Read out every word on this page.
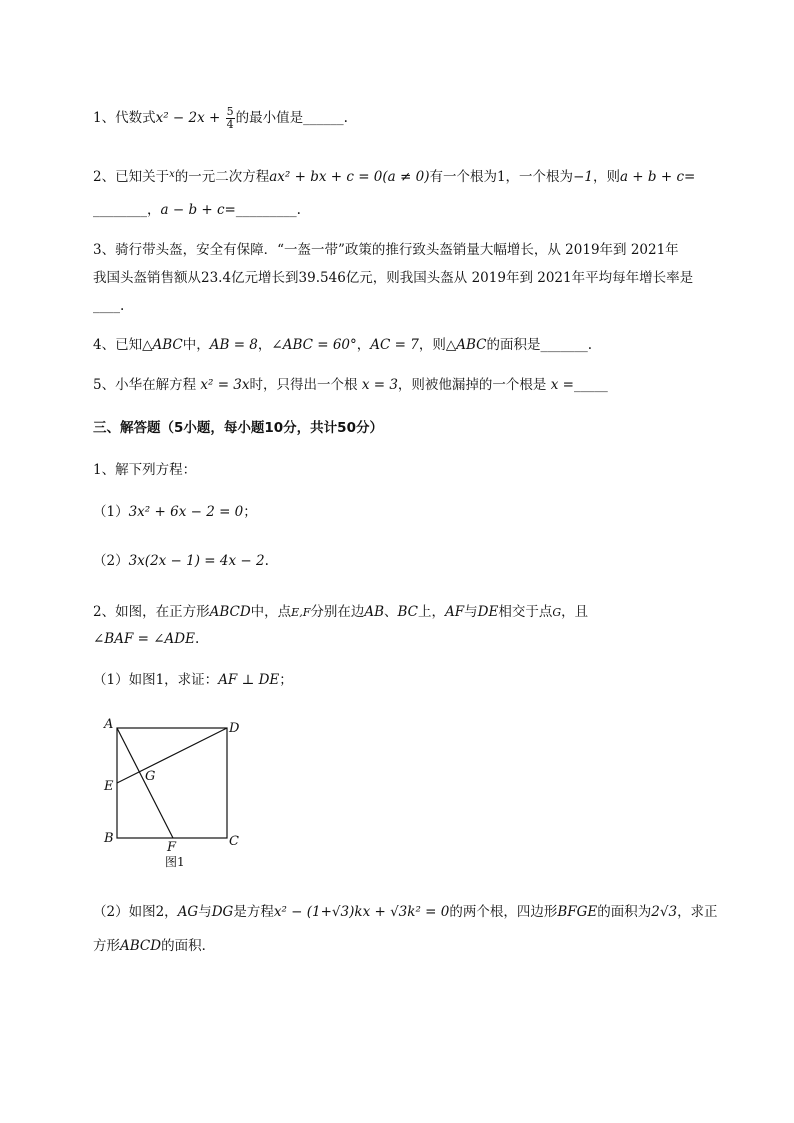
1、代数式$x^2 - 2x + \frac{5}{4}$ 的最小值是______.
2、已知关于$^x$的一元二次方程ax² + bx + c = 0(a ≠ 0)有一个根为1，一个根为−1，则a + b + c=
________，a − b + c=_________.
3、骑行带头盔，安全有保障．“一盔一带”政策的推行致头盔销量大幅增长，从 2019年到 2021年
我国头盔销售额从23.4亿元增长到39.546亿元，则我国头盔从 2019年到 2021年平均每年增长率是
____.
4、已知△ABC中，AB = 8，∠ABC = 60°，AC = 7，则△ABC的面积是_______.
5、小华在解方程 x² = 3x时，只得出一个根 x = 3，则被他漏掉的一个根是 x =_____
三、解答题（5小题，每小题10分，共计50分）
1、解下列方程：
（1）3x² + 6x − 2 = 0；
（2）3x(2x − 1) = 4x − 2.
2、如图，在正方形ABCD中，点E,F分别在边AB、BC上，AF与DE相交于点G，且
∠BAF = ∠ADE.
（1）如图1，求证：AF ⊥ DE；
A	D
E
G
B	C
F
图1
（2）如图2，AG与DG是方程x² − (1+√3)kx + √3k² = 0的两个根，四边形BFGE的面积为2√3，求正
方形ABCD的面积．
